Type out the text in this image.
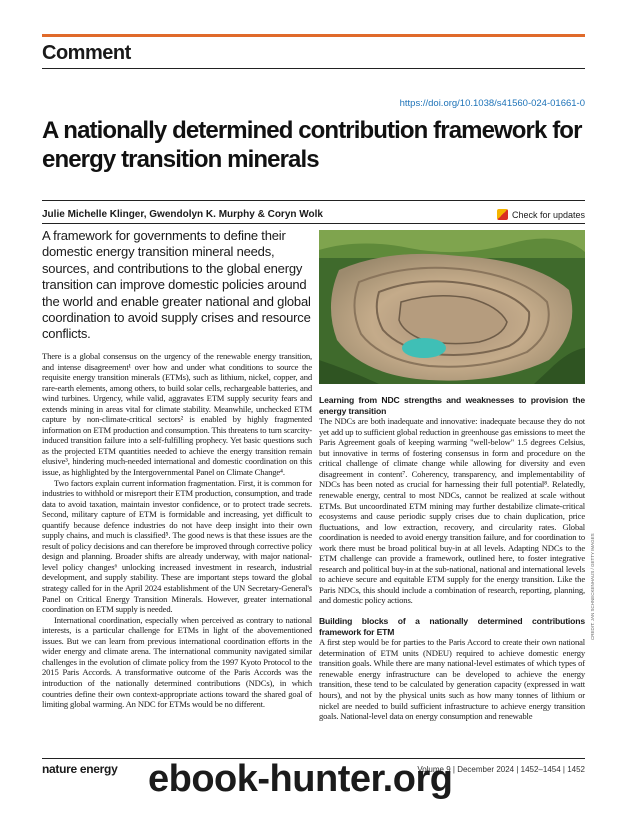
Comment
https://doi.org/10.1038/s41560-024-01661-0
A nationally determined contribution framework for energy transition minerals
Julie Michelle Klinger, Gwendolyn K. Murphy & Coryn Wolk	Check for updates
A framework for governments to define their domestic energy transition mineral needs, sources, and contributions to the global energy transition can improve domestic policies around the world and enable greater national and global coordination to avoid supply crises and resource conflicts.
CREDIT: JAN SCHNECKENHAUS / GETTY IMAGES

There is a global consensus on the urgency of the renewable energy transition, and intense disagreement¹ over how and under what conditions to source the requisite energy transition minerals (ETMs), such as lithium, nickel, copper, and rare-earth elements, among others, to build solar cells, rechargeable batteries, and wind turbines. Urgency, while valid, aggravates ETM supply security fears and extends mining in areas vital for climate stability. Meanwhile, unchecked ETM capture by non-climate-critical sectors² is enabled by highly fragmented information on ETM production and consumption. This threatens to turn scarcity-induced transition failure into a self-fulfilling prophecy. Yet basic questions such as the projected ETM quantities needed to achieve the energy transition remain elusive³, hindering much-needed international and domestic coordination on this issue, as highlighted by the Intergovernmental Panel on Climate Change⁴.

Two factors explain current information fragmentation. First, it is common for industries to withhold or misreport their ETM production, consumption, and trade data to avoid taxation, maintain investor confidence, or to protect trade secrets. Second, military capture of ETM is formidable and increasing, yet difficult to quantify because defence industries do not have deep insight into their own supply chains, and much is classified⁵. The good news is that these issues are the result of policy decisions and can therefore be improved through corrective policy design and planning. Broader shifts are already underway, with major national-level policy changes⁶ unlocking increased investment in research, industrial development, and supply stability. These are important steps toward the global strategy called for in the April 2024 establishment of the UN Secretary-General's Panel on Critical Energy Transition Minerals. However, greater international coordination on ETM supply is needed.

International coordination, especially when perceived as contrary to national interests, is a particular challenge for ETMs in light of the abovementioned issues. But we can learn from previous international coordination efforts in the wider energy and climate arena. The international community navigated similar challenges in the evolution of climate policy from the 1997 Kyoto Protocol to the 2015 Paris Accords. A transformative outcome of the Paris Accords was the introduction of the nationally determined contributions (NDCs), in which countries define their own context-appropriate actions toward the shared goal of limiting global warming. An NDC for ETMs would be no different.

Learning from NDC strengths and weaknesses to provision the energy transition

The NDCs are both inadequate and innovative: inadequate because they do not yet add up to sufficient global reduction in greenhouse gas emissions to meet the Paris Agreement goals of keeping warming "well-below" 1.5 degrees Celsius, but innovative in terms of fostering consensus in form and procedure on the critical challenge of climate change while allowing for diversity and even disagreement in content⁷. Coherency, transparency, and implementability of NDCs has been noted as crucial for harnessing their full potential⁸. Relatedly, renewable energy, central to most NDCs, cannot be realized at scale without ETMs. But uncoordinated ETM mining may further destabilize climate-critical ecosystems and cause periodic supply crises due to chain duplication, price fluctuations, and low extraction, recovery, and circularity rates. Global coordination is needed to avoid energy transition failure, and for coordination to work there must be broad political buy-in at all levels. Adapting NDCs to the ETM challenge can provide a framework, outlined here, to foster integrative research and political buy-in at the sub-national, national and international levels to achieve secure and equitable ETM supply for the energy transition. Like the Paris NDCs, this should include a combination of research, reporting, planning, and domestic policy actions.

Building blocks of a nationally determined contributions framework for ETM

A first step would be for parties to the Paris Accord to create their own national determination of ETM units (NDEU) required to achieve domestic energy transition goals. While there are many national-level estimates of which types of renewable energy infrastructure can be developed to achieve the energy transition, these tend to be calculated by generation capacity (expressed in watt hours), and not by the physical units such as how many tonnes of lithium or nickel are needed to build sufficient infrastructure to achieve energy transition goals. National-level data on energy consumption and renewable

nature energy	Volume 9 | December 2024 | 1452–1454 | 1452
ebook-hunter.org
